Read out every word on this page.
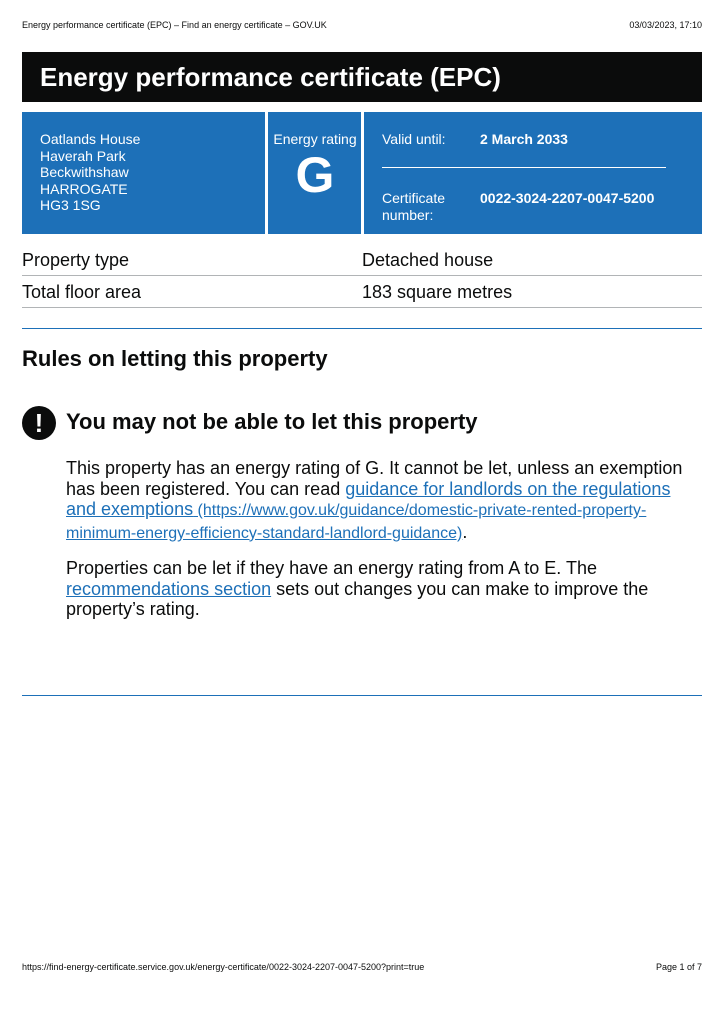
Energy performance certificate (EPC) – Find an energy certificate – GOV.UK	03/03/2023, 17:10
Energy performance certificate (EPC)
Oatlands House
Haverah Park
Beckwithshaw
HARROGATE
HG3 1SG
Energy rating
G
Valid until: 2 March 2033
Certificate
number:
0022-3024-2207-0047-5200
Property type	Detached house
Total floor area	183 square metres
Rules on letting this property
!	You may not be able to let this property

This property has an energy rating of G. It cannot be let, unless an exemption has been registered. You can read guidance for landlords on the regulations and exemptions (https://www.gov.uk/guidance/domestic-private-rented-property-minimum-energy-efficiency-standard-landlord-guidance).

Properties can be let if they have an energy rating from A to E. The recommendations section sets out changes you can make to improve the property’s rating.

https://find-energy-certificate.service.gov.uk/energy-certificate/0022-3024-2207-0047-5200?print=true	Page 1 of 7
